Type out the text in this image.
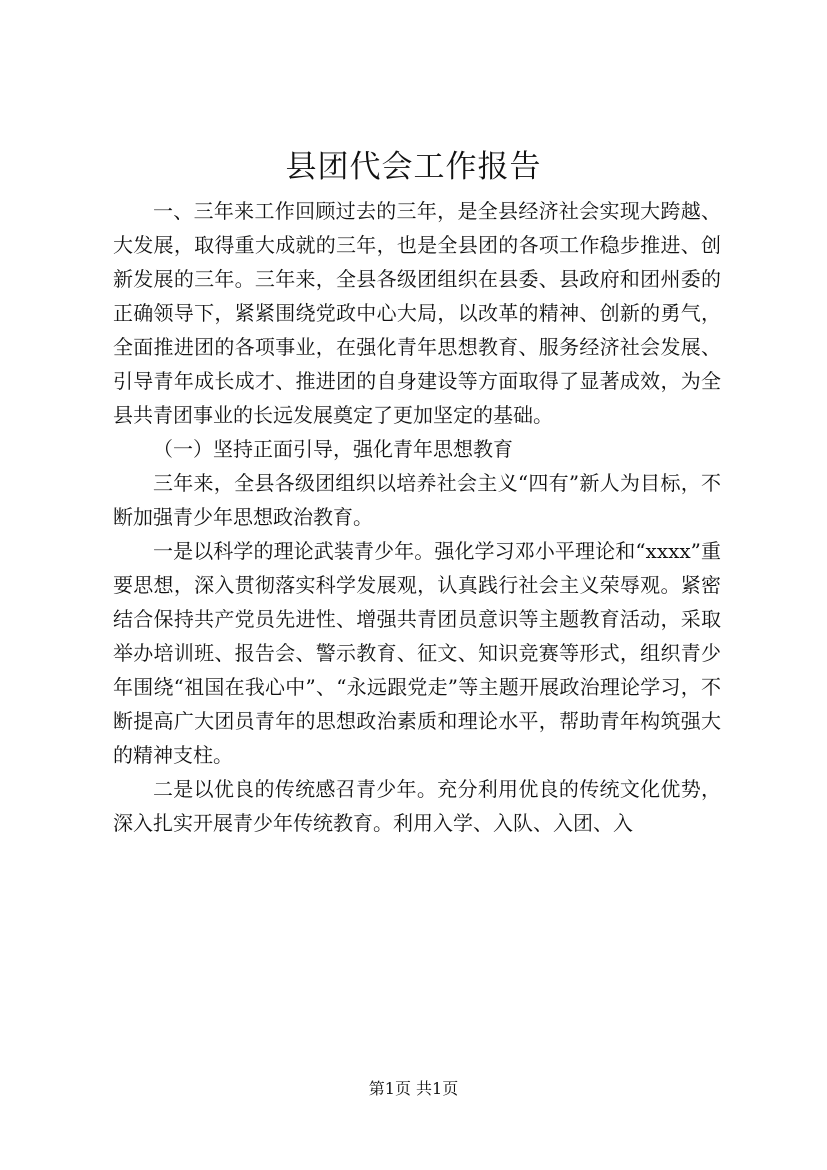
县团代会工作报告

一、三年来工作回顾过去的三年，是全县经济社会实现大跨越、大发展，取得重大成就的三年，也是全县团的各项工作稳步推进、创新发展的三年。三年来，全县各级团组织在县委、县政府和团州委的正确领导下，紧紧围绕党政中心大局，以改革的精神、创新的勇气，全面推进团的各项事业，在强化青年思想教育、服务经济社会发展、引导青年成长成才、推进团的自身建设等方面取得了显著成效，为全县共青团事业的长远发展奠定了更加坚定的基础。

（一）坚持正面引导，强化青年思想教育

三年来，全县各级团组织以培养社会主义“四有”新人为目标，不断加强青少年思想政治教育。

一是以科学的理论武装青少年。强化学习邓小平理论和“xxxx”重要思想，深入贯彻落实科学发展观，认真践行社会主义荣辱观。紧密结合保持共产党员先进性、增强共青团员意识等主题教育活动，采取举办培训班、报告会、警示教育、征文、知识竞赛等形式，组织青少年围绕“祖国在我心中”、“永远跟党走”等主题开展政治理论学习，不断提高广大团员青年的思想政治素质和理论水平，帮助青年构筑强大的精神支柱。

二是以优良的传统感召青少年。充分利用优良的传统文化优势，深入扎实开展青少年传统教育。利用入学、入队、入团、入

第1页 共1页
